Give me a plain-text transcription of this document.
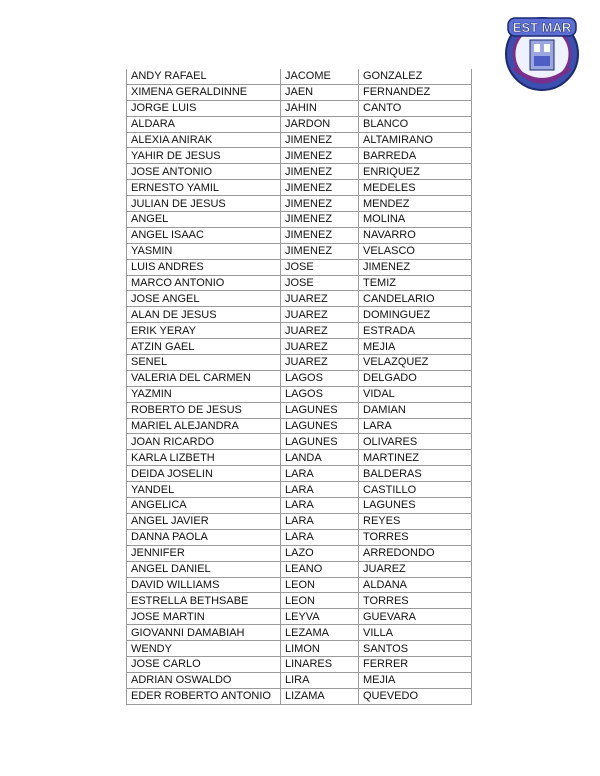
EST MAR
ANDY RAFAEL	JACOME	GONZALEZ
XIMENA GERALDINNE	JAEN	FERNANDEZ
JORGE LUIS	JAHIN	CANTO
ALDARA	JARDON	BLANCO
ALEXIA ANIRAK	JIMENEZ	ALTAMIRANO
YAHIR DE JESUS	JIMENEZ	BARREDA
JOSE ANTONIO	JIMENEZ	ENRIQUEZ
ERNESTO YAMIL	JIMENEZ	MEDELES
JULIAN DE JESUS	JIMENEZ	MENDEZ
ANGEL	JIMENEZ	MOLINA
ANGEL ISAAC	JIMENEZ	NAVARRO
YASMIN	JIMENEZ	VELASCO
LUIS ANDRES	JOSE	JIMENEZ
MARCO ANTONIO	JOSE	TEMIZ
JOSE ANGEL	JUAREZ	CANDELARIO
ALAN DE JESUS	JUAREZ	DOMINGUEZ
ERIK YERAY	JUAREZ	ESTRADA
ATZIN GAEL	JUAREZ	MEJIA
SENEL	JUAREZ	VELAZQUEZ
VALERIA DEL CARMEN	LAGOS	DELGADO
YAZMIN	LAGOS	VIDAL
ROBERTO DE JESUS	LAGUNES	DAMIAN
MARIEL ALEJANDRA	LAGUNES	LARA
JOAN RICARDO	LAGUNES	OLIVARES
KARLA LIZBETH	LANDA	MARTINEZ
DEIDA JOSELIN	LARA	BALDERAS
YANDEL	LARA	CASTILLO
ANGELICA	LARA	LAGUNES
ANGEL JAVIER	LARA	REYES
DANNA PAOLA	LARA	TORRES
JENNIFER	LAZO	ARREDONDO
ANGEL DANIEL	LEANO	JUAREZ
DAVID WILLIAMS	LEON	ALDANA
ESTRELLA BETHSABE	LEON	TORRES
JOSE MARTIN	LEYVA	GUEVARA
GIOVANNI DAMABIAH	LEZAMA	VILLA
WENDY	LIMON	SANTOS
JOSE CARLO	LINARES	FERRER
ADRIAN OSWALDO	LIRA	MEJIA
EDER ROBERTO ANTONIO	LIZAMA	QUEVEDO
